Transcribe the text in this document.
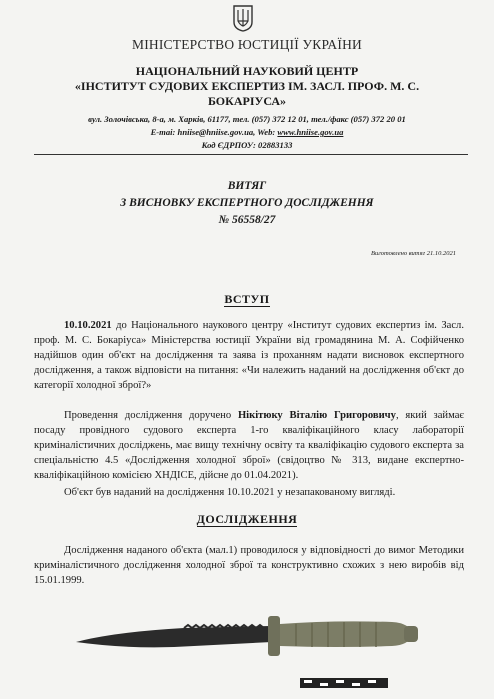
МІНІСТЕРСТВО ЮСТИЦІЇ УКРАЇНИ
НАЦІОНАЛЬНИЙ НАУКОВИЙ ЦЕНТР
«ІНСТИТУТ СУДОВИХ ЕКСПЕРТИЗ ІМ. ЗАСЛ. ПРОФ. М. С.
БОКАРІУСА»
вул. Золочівська, 8-а, м. Харків, 61177, тел. (057) 372 12 01, тел./факс (057) 372 20 01
E-mai: hniise@hniise.gov.ua, Web: www.hniise.gov.ua
Код ЄДРПОУ: 02883133
ВИТЯГ
З ВИСНОВКУ ЕКСПЕРТНОГО ДОСЛІДЖЕННЯ
№ 56558/27
Виготовлено витяг 21.10.2021
ВСТУП
10.10.2021 до Національного наукового центру «Інститут судових експертиз ім. Засл. проф. М. С. Бокаріуса» Міністерства юстиції України від громадянина М. А. Софійченко надійшов один об'єкт на дослідження та заява із проханням надати висновок експертного дослідження, а також відповісти на питання: «Чи належить наданий на дослідження об'єкт до категорії холодної зброї?»
Проведення дослідження доручено Нікітюку Віталію Григоровичу, який займає посаду провідного судового експерта 1-го кваліфікаційного класу лабораторії криміналістичних досліджень, має вищу технічну освіту та кваліфікацію судового експерта за спеціальністю 4.5 «Дослідження холодної зброї» (свідоцтво № 313, видане експертно-кваліфікаційною комісією ХНДІСЕ, дійсне до 01.04.2021).
Об'єкт був наданий на дослідження 10.10.2021 у незапакованому вигляді.
ДОСЛІДЖЕННЯ
Дослідження наданого об'єкта (мал.1) проводилося у відповідності до вимог Методики криміналістичного дослідження холодної зброї та конструктивно схожих з нею виробів від 15.01.1999.
